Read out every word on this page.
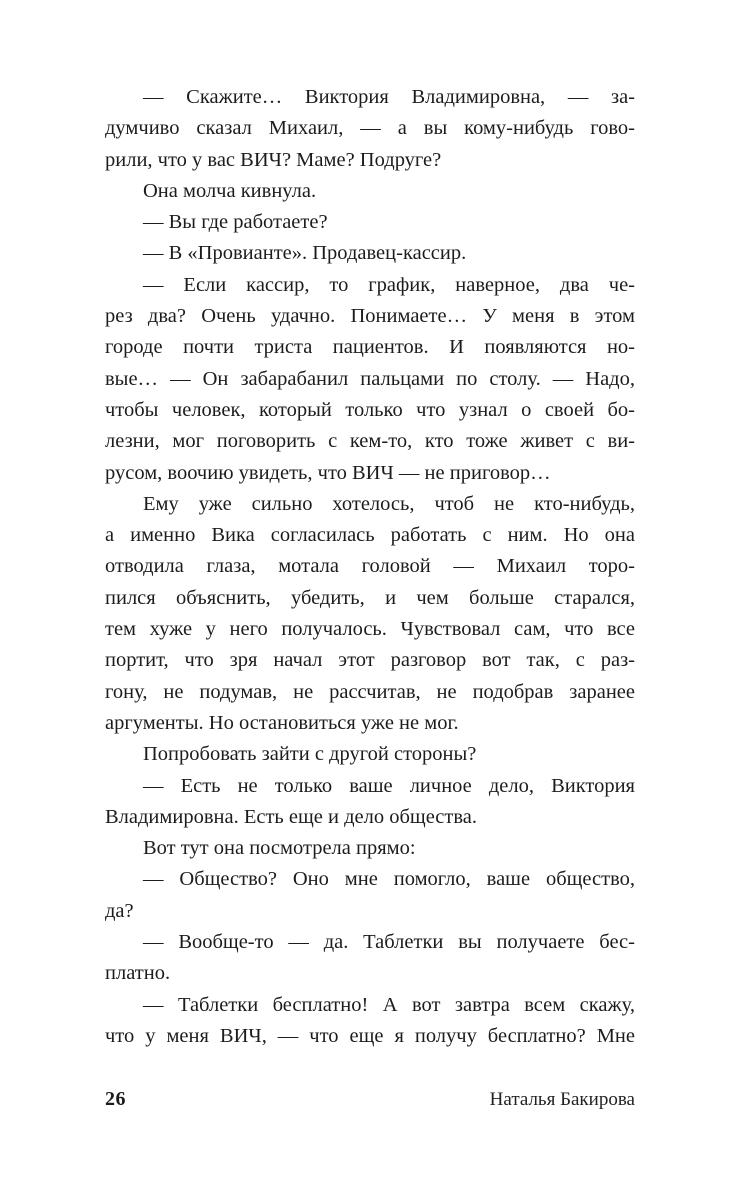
— Скажите… Виктория Владимировна, — за-
думчиво сказал Михаил, — а вы кому-нибудь гово-
рили, что у вас ВИЧ? Маме? Подруге?
Она молча кивнула.
— Вы где работаете?
— В «Провианте». Продавец-кассир.
— Если кассир, то график, наверное, два че-
рез два? Очень удачно. Понимаете… У меня в этом
городе почти триста пациентов. И появляются но-
вые… — Он забарабанил пальцами по столу. — Надо,
чтобы человек, который только что узнал о своей бо-
лезни, мог поговорить с кем-то, кто тоже живет с ви-
русом, воочию увидеть, что ВИЧ — не приговор…
Ему уже сильно хотелось, чтоб не кто-нибудь,
а именно Вика согласилась работать с ним. Но она
отводила глаза, мотала головой — Михаил торо-
пился объяснить, убедить, и чем больше старался,
тем хуже у него получалось. Чувствовал сам, что все
портит, что зря начал этот разговор вот так, с раз-
гону, не подумав, не рассчитав, не подобрав заранее
аргументы. Но остановиться уже не мог.
Попробовать зайти с другой стороны?
— Есть не только ваше личное дело, Виктория
Владимировна. Есть еще и дело общества.
Вот тут она посмотрела прямо:
— Общество? Оно мне помогло, ваше общество,
да?
— Вообще-то — да. Таблетки вы получаете бес-
платно.
— Таблетки бесплатно! А вот завтра всем скажу,
что у меня ВИЧ, — что еще я получу бесплатно? Мне
26	Наталья Бакирова
